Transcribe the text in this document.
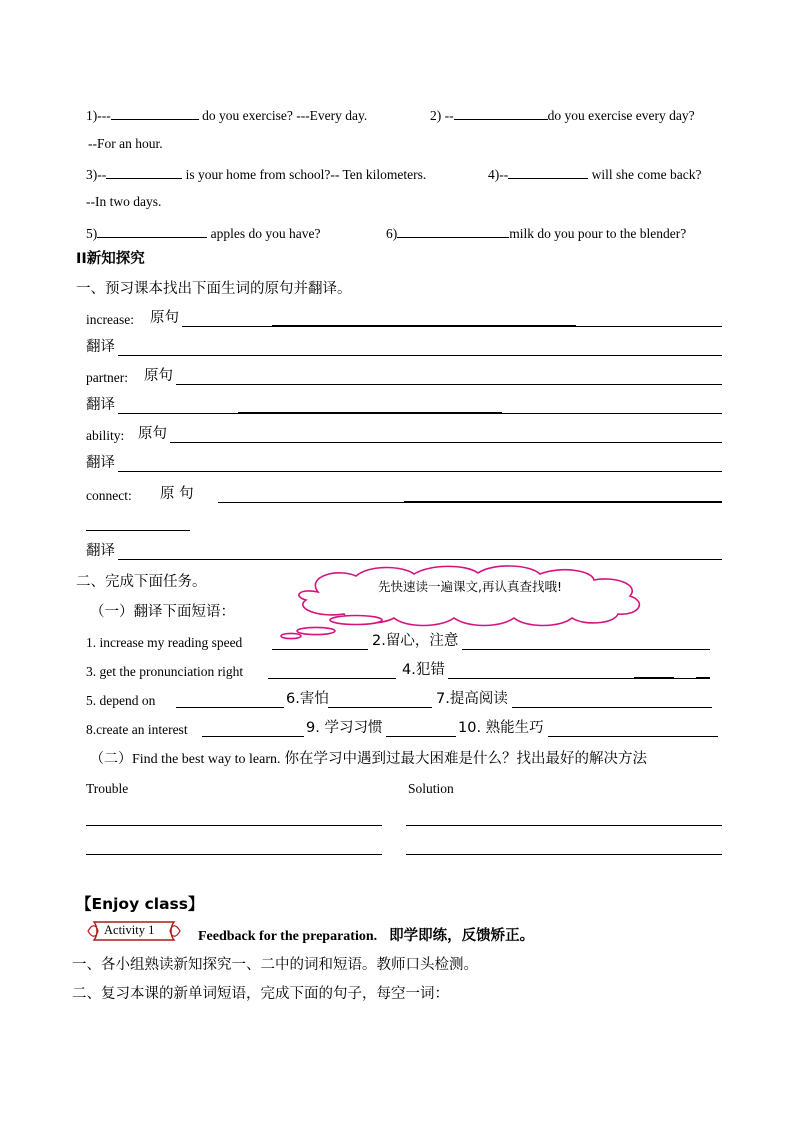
1)---	do you exercise? ---Every day.	2) --	do you exercise every day?
--For an hour.
3)--	is your home from school?-- Ten kilometers.	4)--	will she come back?
--In two days.
5)	apples do you have?	6)	milk do you pour to the blender?
II新知探究
一、预习课本找出下面生词的原句并翻译。
increase: 原句
翻译
partner: 原句
翻译
ability: 原句
翻译
connect: 原 句
翻译
二、完成下面任务。	先快速读一遍课文,再认真查找哦!
（一）翻译下面短语：
1. increase my reading speed	2.留心，注意
3. get the pronunciation right	4.犯错
5. depend on	6.害怕	7.提高阅读
8.create an interest	9. 学习习惯	10. 熟能生巧
（二）Find the best way to learn. 你在学习中遇到过最大困难是什么？找出最好的解决方法
Trouble	Solution
【Enjoy class】
Activity 1	Feedback for the preparation. 即学即练，反馈矫正。
一、各小组熟读新知探究一、二中的词和短语。教师口头检测。
二、复习本课的新单词短语，完成下面的句子，每空一词：
